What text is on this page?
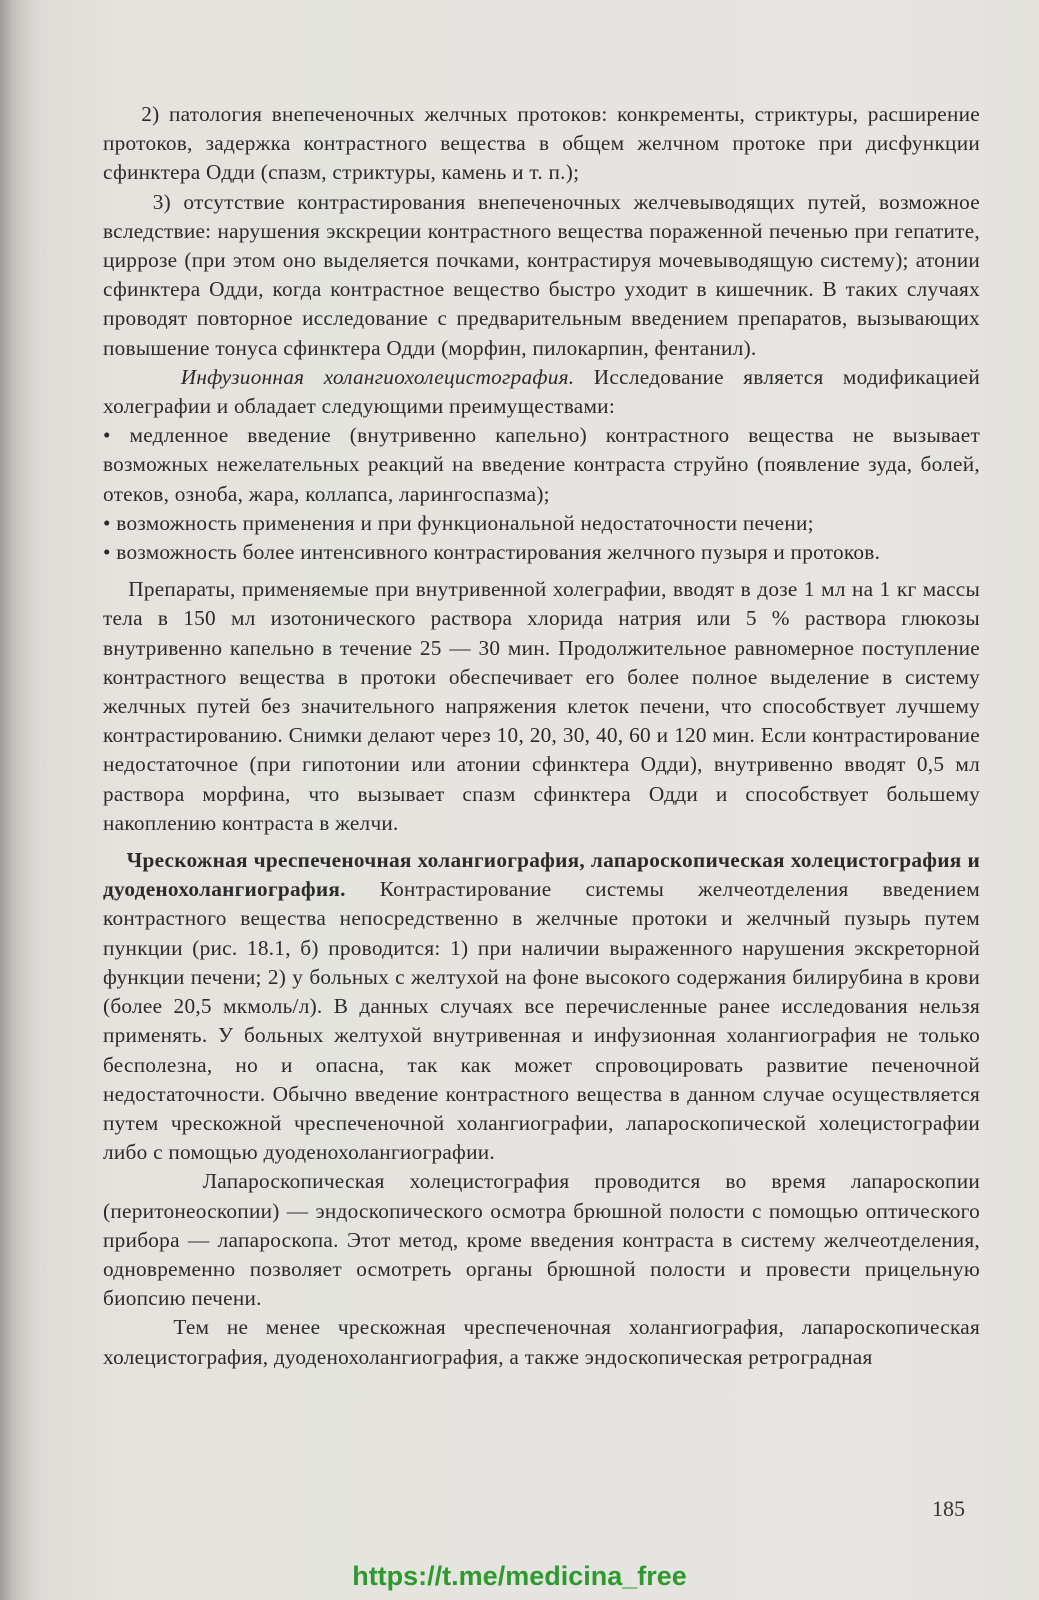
2) патология внепеченочных желчных протоков: конкременты, стриктуры, расширение протоков, задержка контрастного вещества в общем желчном протоке при дисфункции сфинктера Одди (спазм, стриктуры, камень и т. п.);

3) отсутствие контрастирования внепеченочных желчевыводящих путей, возможное вследствие: нарушения экскреции контрастного вещества пораженной печенью при гепатите, циррозе (при этом оно выделяется почками, контрастируя мочевыводящую систему); атонии сфинктера Одди, когда контрастное вещество быстро уходит в кишечник. В таких случаях проводят повторное исследование с предварительным введением препаратов, вызывающих повышение тонуса сфинктера Одди (морфин, пилокарпин, фентанил).

Инфузионная холангиохолецистография. Исследование является модификацией холеграфии и обладает следующими преимуществами:

• медленное введение (внутривенно капельно) контрастного вещества не вызывает возможных нежелательных реакций на введение контраста струйно (появление зуда, болей, отеков, озноба, жара, коллапса, ларингоспазма);

• возможность применения и при функциональной недостаточности печени;

• возможность более интенсивного контрастирования желчного пузыря и протоков.

Препараты, применяемые при внутривенной холеграфии, вводят в дозе 1 мл на 1 кг массы тела в 150 мл изотонического раствора хлорида натрия или 5 % раствора глюкозы внутривенно капельно в течение 25 — 30 мин. Продолжительное равномерное поступление контрастного вещества в протоки обеспечивает его более полное выделение в систему желчных путей без значительного напряжения клеток печени, что способствует лучшему контрастированию. Снимки делают через 10, 20, 30, 40, 60 и 120 мин. Если контрастирование недостаточное (при гипотонии или атонии сфинктера Одди), внутривенно вводят 0,5 мл раствора морфина, что вызывает спазм сфинктера Одди и способствует большему накоплению контраста в желчи.

Чрескожная чреспеченочная холангиография, лапароскопическая холецистография и дуоденохолангиография. Контрастирование системы желчеотделения введением контрастного вещества непосредственно в желчные протоки и желчный пузырь путем пункции (рис. 18.1, б) проводится: 1) при наличии выраженного нарушения экскреторной функции печени; 2) у больных с желтухой на фоне высокого содержания билирубина в крови (более 20,5 мкмоль/л). В данных случаях все перечисленные ранее исследования нельзя применять. У больных желтухой внутривенная и инфузионная холангиография не только бесполезна, но и опасна, так как может спровоцировать развитие печеночной недостаточности. Обычно введение контрастного вещества в данном случае осуществляется путем чрескожной чреспеченочной холангиографии, лапароскопической холецистографии либо с помощью дуоденохолангиографии.

Лапароскопическая холецистография проводится во время лапароскопии (перитонеоскопии) — эндоскопического осмотра брюшной полости с помощью оптического прибора — лапароскопа. Этот метод, кроме введения контраста в систему желчеотделения, одновременно позволяет осмотреть органы брюшной полости и провести прицельную биопсию печени.

Тем не менее чрескожная чреспеченочная холангиография, лапароскопическая холецистография, дуоденохолангиография, а также эндоскопическая ретроградная

185
https://t.me/medicina_free
